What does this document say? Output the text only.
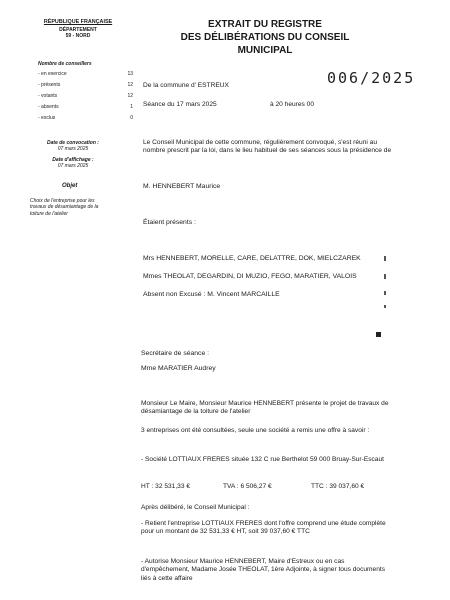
RÉPUBLIQUE FRANÇAISE
DÉPARTEMENT
59 - NORD
EXTRAIT DU REGISTRE
DES DÉLIBÉRATIONS DU CONSEIL
MUNICIPAL
006/2025
Nombre de conseillers
- en exercice	13
- présents	12
- votants	12
- absents	1
- exclus	0
Date de convocation :
07 mars 2025
Date d'affichage :
07 mars 2025
Objet
Choix de l'entreprise pour les travaux de désamiantage de la toiture de l'atelier
De la commune d' ESTREUX
Séance du 17 mars 2025	à 20 heures 00
Le Conseil Municipal de cette commune, régulièrement convoqué, s'est réuni au nombre prescrit par la loi, dans le lieu habituel de ses séances sous la présidence de
M. HENNEBERT Maurice
Étaient présents :
Mrs HENNEBERT, MORELLE, CARE, DELATTRE, DOK, MIELCZAREK
Mmes THEOLAT, DEGARDIN, DI MUZIO, FEGO, MARATIER, VALOIS
Absent non Excusé : M. Vincent MARCAILLE
Secrétaire de séance :
Mme MARATIER Audrey
Monsieur Le Maire, Monsieur Maurice HENNEBERT présente le projet de travaux de désamiantage de la toiture de l'atelier
3 entreprises ont été consultées, seule une société a remis une offre à savoir :
- Société LOTTIAUX FRERES située 132 C rue Berthelot 59 000 Bruay-Sur-Escaut
HT : 32 531,33 €	TVA : 6 506,27 €	TTC : 39 037,60 €
Après délibéré, le Conseil Municipal :
- Retient l'entreprise LOTTIAUX FRERES dont l'offre comprend une étude complète pour un montant de 32 531,33 € HT, soit 39 037,60 € TTC
- Autorise Monsieur Maurice HENNEBERT, Maire d'Estreux ou en cas d'empêchement, Madame Josée THEOLAT, 1ère Adjointe, à signer tous documents liés à cette affaire
